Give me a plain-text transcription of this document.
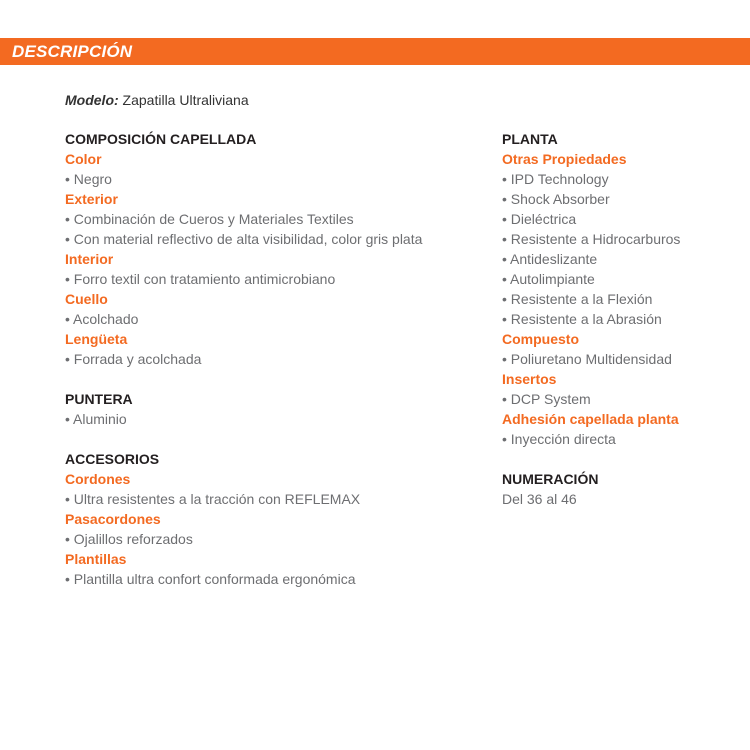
DESCRIPCIÓN
Modelo: Zapatilla Ultraliviana
COMPOSICIÓN CAPELLADA
Color
• Negro
Exterior
• Combinación de Cueros y Materiales Textiles
• Con material reflectivo de alta visibilidad, color gris plata
Interior
• Forro textil con tratamiento antimicrobiano
Cuello
• Acolchado
Lengüeta
• Forrada y acolchada
PUNTERA
• Aluminio
ACCESORIOS
Cordones
• Ultra resistentes a la tracción con REFLEMAX
Pasacordones
• Ojalillos reforzados
Plantillas
• Plantilla ultra confort conformada ergonómica
PLANTA
Otras Propiedades
• IPD Technology
• Shock Absorber
• Dieléctrica
• Resistente a Hidrocarburos
• Antideslizante
• Autolimpiante
• Resistente a la Flexión
• Resistente a la Abrasión
Compuesto
• Poliuretano Multidensidad
Insertos
• DCP System
Adhesión capellada planta
• Inyección directa
NUMERACIÓN
Del 36 al 46
